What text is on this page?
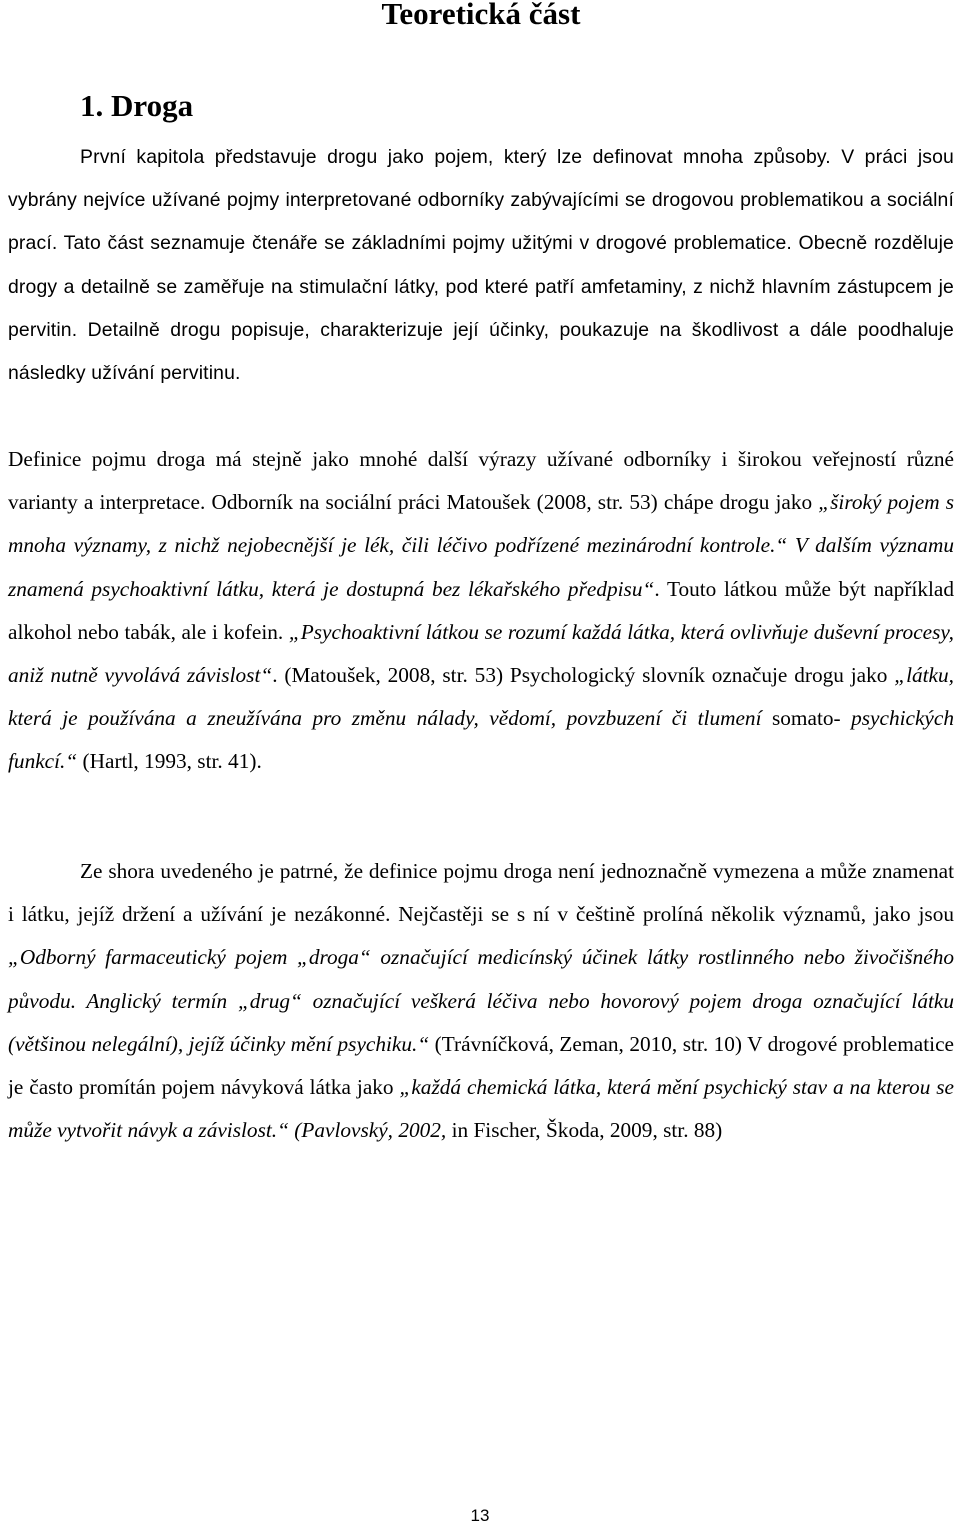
Teoretická část
1. Droga

První kapitola představuje drogu jako pojem, který lze definovat mnoha způsoby. V práci jsou vybrány nejvíce užívané pojmy interpretované odborníky zabývajícími se drogovou problematikou a sociální prací. Tato část seznamuje čtenáře se základními pojmy užitými v drogové problematice. Obecně rozděluje drogy a detailně se zaměřuje na stimulační látky, pod které patří amfetaminy, z nichž hlavním zástupcem je pervitin. Detailně drogu popisuje, charakterizuje její účinky, poukazuje na škodlivost a dále poodhaluje následky užívání pervitinu.

Definice pojmu droga má stejně jako mnohé další výrazy užívané odborníky i širokou veřejností různé varianty a interpretace. Odborník na sociální práci Matoušek (2008, str. 53) chápe drogu jako „široký pojem s mnoha významy, z nichž nejobecnější je lék, čili léčivo podřízené mezinárodní kontrole.“ V dalším významu znamená psychoaktivní látku, která je dostupná bez lékařského předpisu“. Touto látkou může být například alkohol nebo tabák, ale i kofein. „Psychoaktivní látkou se rozumí každá látka, která ovlivňuje duševní procesy, aniž nutně vyvolává závislost“. (Matoušek, 2008, str. 53) Psychologický slovník označuje drogu jako „látku, která je používána a zneužívána pro změnu nálady, vědomí, povzbuzení či tlumení somato- psychických funkcí.“ (Hartl, 1993, str. 41).

Ze shora uvedeného je patrné, že definice pojmu droga není jednoznačně vymezena a může znamenat i látku, jejíž držení a užívání je nezákonné. Nejčastěji se s ní v češtině prolíná několik významů, jako jsou „Odborný farmaceutický pojem „droga“ označující medicínský účinek látky rostlinného nebo živočišného původu. Anglický termín „drug“ označující veškerá léčiva nebo hovorový pojem droga označující látku (většinou nelegální), jejíž účinky mění psychiku.“ (Trávníčková, Zeman, 2010, str. 10) V drogové problematice je často promítán pojem návyková látka jako „každá chemická látka, která mění psychický stav a na kterou se může vytvořit návyk a závislost.“ (Pavlovský, 2002, in Fischer, Škoda, 2009, str. 88)

13
